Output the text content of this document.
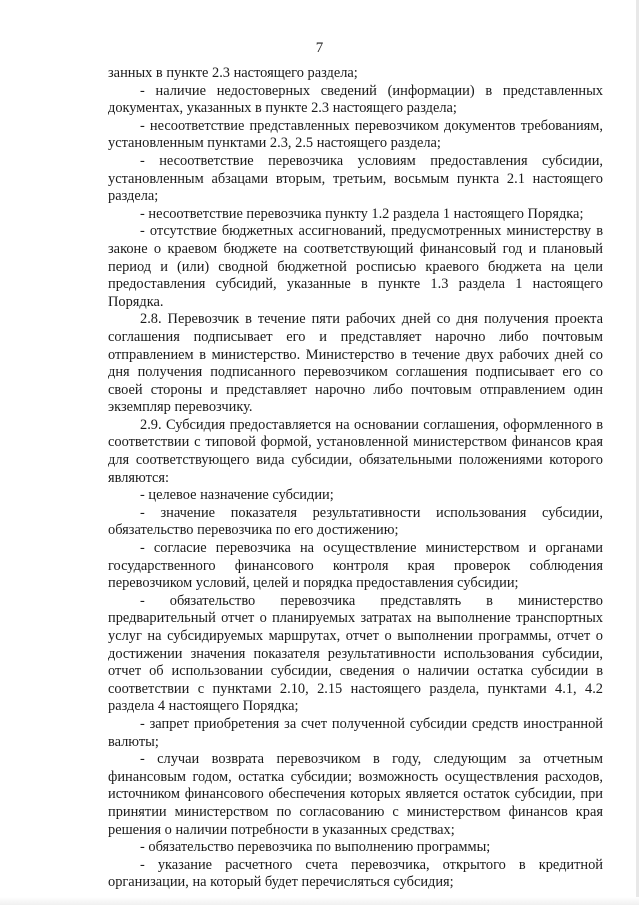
7

занных в пункте 2.3 настоящего раздела;

- наличие недостоверных сведений (информации) в представленных документах, указанных в пункте 2.3 настоящего раздела;

- несоответствие представленных перевозчиком документов требованиям, установленным пунктами 2.3, 2.5 настоящего раздела;

- несоответствие перевозчика условиям предоставления субсидии, установленным абзацами вторым, третьим, восьмым пункта 2.1 настоящего раздела;

- несоответствие перевозчика пункту 1.2 раздела 1 настоящего Порядка;

- отсутствие бюджетных ассигнований, предусмотренных министерству в законе о краевом бюджете на соответствующий финансовый год и плановый период и (или) сводной бюджетной росписью краевого бюджета на цели предоставления субсидий, указанные в пункте 1.3 раздела 1 настоящего Порядка.

2.8. Перевозчик в течение пяти рабочих дней со дня получения проекта соглашения подписывает его и представляет нарочно либо почтовым отправлением в министерство. Министерство в течение двух рабочих дней со дня получения подписанного перевозчиком соглашения подписывает его со своей стороны и представляет нарочно либо почтовым отправлением один экземпляр перевозчику.

2.9. Субсидия предоставляется на основании соглашения, оформленного в соответствии с типовой формой, установленной министерством финансов края для соответствующего вида субсидии, обязательными положениями которого являются:

- целевое назначение субсидии;

- значение показателя результативности использования субсидии, обязательство перевозчика по его достижению;

- согласие перевозчика на осуществление министерством и органами государственного финансового контроля края проверок соблюдения перевозчиком условий, целей и порядка предоставления субсидии;

- обязательство перевозчика представлять в министерство предварительный отчет о планируемых затратах на выполнение транспортных услуг на субсидируемых маршрутах, отчет о выполнении программы, отчет о достижении значения показателя результативности использования субсидии, отчет об использовании субсидии, сведения о наличии остатка субсидии в соответствии с пунктами 2.10, 2.15 настоящего раздела, пунктами 4.1, 4.2 раздела 4 настоящего Порядка;

- запрет приобретения за счет полученной субсидии средств иностранной валюты;

- случаи возврата перевозчиком в году, следующим за отчетным финансовым годом, остатка субсидии; возможность осуществления расходов, источником финансового обеспечения которых является остаток субсидии, при принятии министерством по согласованию с министерством финансов края решения о наличии потребности в указанных средствах;

- обязательство перевозчика по выполнению программы;

- указание расчетного счета перевозчика, открытого в кредитной организации, на который будет перечисляться субсидия;
